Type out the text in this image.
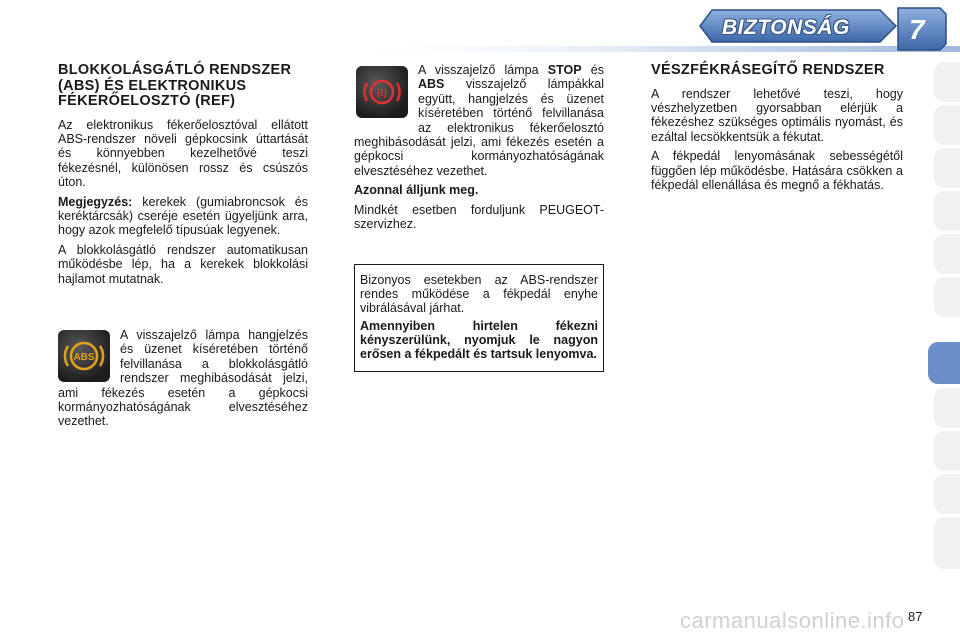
BIZTONSÁG 7
BLOKKOLÁSGÁTLÓ RENDSZER (ABS) ÉS ELEKTRONIKUS FÉKERŐELOSZTÓ (REF)

Az elektronikus fékerőelosztóval ellátott ABS-rendszer növeli gépkocsink úttartását és könnyebben kezelhetővé teszi fékezésnél, különösen rossz és csúszós úton.

Megjegyzés: kerekek (gumiabroncsok és keréktárcsák) cseréje esetén ügyeljünk arra, hogy azok megfelelő típusúak legyenek.

A blokkolásgátló rendszer automatikusan működésbe lép, ha a kerekek blokkolási hajlamot mutatnak.

ABS

A visszajelző lámpa hangjelzés és üzenet kíséretében történő felvillanása a blokkolásgátló rendszer meghibásodását jelzi, ami fékezés esetén a gépkocsi kormányozhatóságának elvesztéséhez vezethet.

(!)

A visszajelző lámpa STOP és ABS visszajelző lámpákkal együtt, hangjelzés és üzenet kíséretében történő felvillanása az elektronikus fékerőelosztó meghibásodását jelzi, ami fékezés esetén a gépkocsi kormányozhatóságának elvesztéséhez vezethet.

Azonnal álljunk meg.

Mindkét esetben forduljunk PEUGEOT-szervizhez.

Bizonyos esetekben az ABS-rendszer rendes működése a fékpedál enyhe vibrálásával járhat.

Amennyiben hirtelen fékezni kényszerülünk, nyomjuk le nagyon erősen a fékpedált és tartsuk lenyomva.

VÉSZFÉKRÁSEGÍTŐ RENDSZER

A rendszer lehetővé teszi, hogy vészhelyzetben gyorsabban elérjük a fékezéshez szükséges optimális nyomást, és ezáltal lecsökkentsük a fékutat.

A fékpedál lenyomásának sebességétől függően lép működésbe. Hatására csökken a fékpedál ellenállása és megnő a fékhatás.

carmanualsonline.info 87
